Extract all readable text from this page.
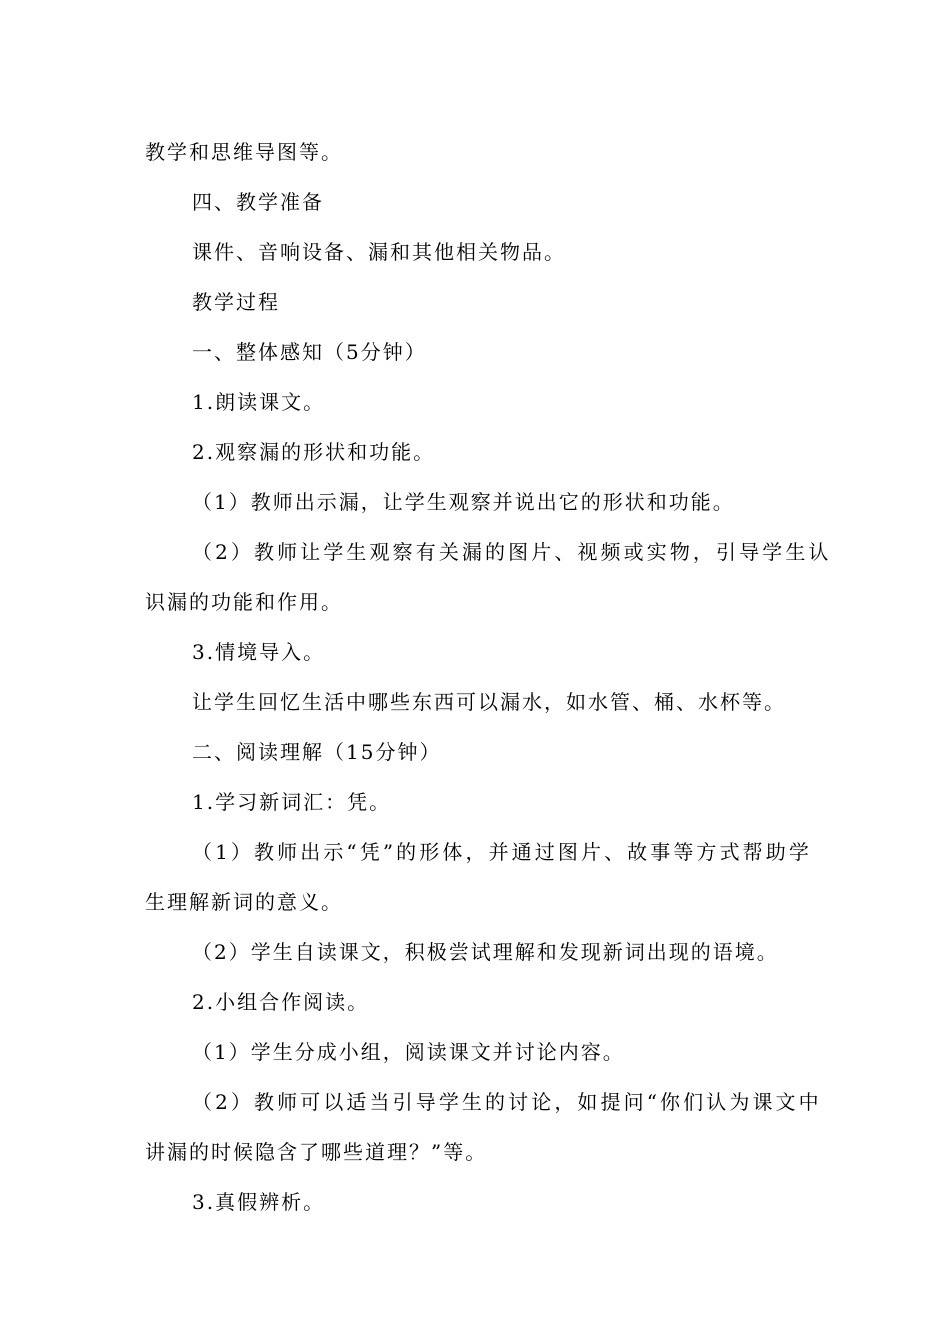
教学和思维导图等。
四、教学准备
课件、音响设备、漏和其他相关物品。
教学过程
一、整体感知（5分钟）
1.朗读课文。
2.观察漏的形状和功能。
（1）教师出示漏，让学生观察并说出它的形状和功能。
（2）教师让学生观察有关漏的图片、视频或实物，引导学生认
识漏的功能和作用。
3.情境导入。
让学生回忆生活中哪些东西可以漏水，如水管、桶、水杯等。
二、阅读理解（15分钟）
1.学习新词汇：凭。
（1）教师出示“凭”的形体，并通过图片、故事等方式帮助学
生理解新词的意义。
（2）学生自读课文，积极尝试理解和发现新词出现的语境。
2.小组合作阅读。
（1）学生分成小组，阅读课文并讨论内容。
（2）教师可以适当引导学生的讨论，如提问“你们认为课文中
讲漏的时候隐含了哪些道理？”等。
3.真假辨析。
